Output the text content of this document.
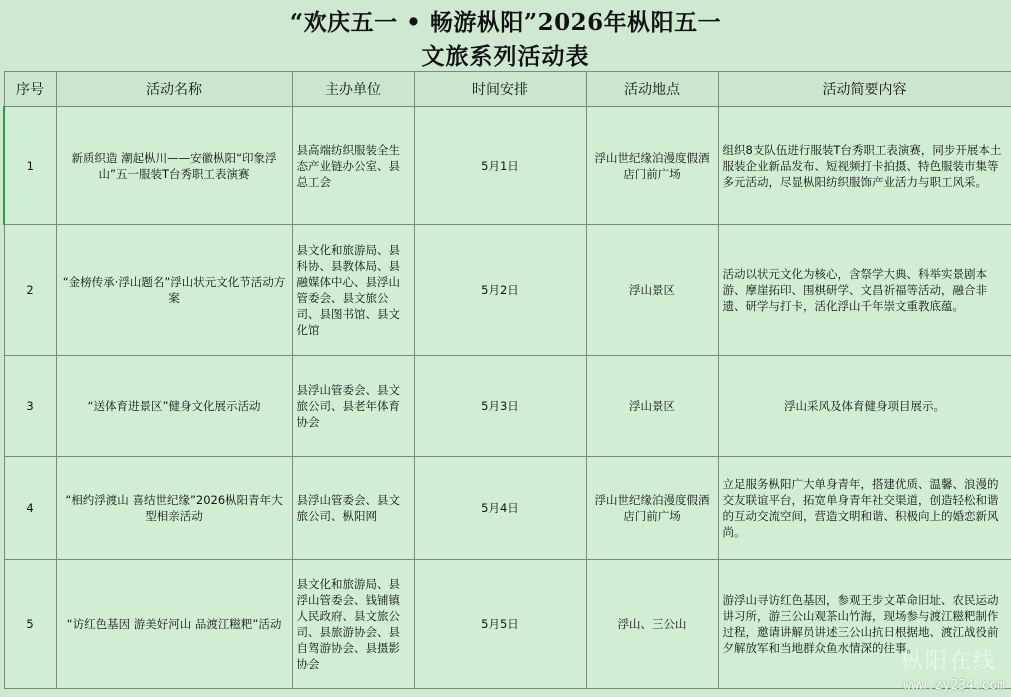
“欢庆五一 • 畅游枞阳”2026年枞阳五一
文旅系列活动表
序号	活动名称	主办单位	时间安排	活动地点	活动简要内容
1	新质织造 潮起枞川——安徽枞阳“印象浮山”五一服装T台秀职工表演赛	县高端纺织服装全生态产业链办公室、县总工会	5月1日	浮山世纪缘泊漫度假酒店门前广场	组织8支队伍进行服装T台秀职工表演赛，同步开展本土服装企业新品发布、短视频打卡拍摄、特色服装市集等多元活动，尽显枞阳纺织服饰产业活力与职工风采。
2	“金榜传承·浮山题名”浮山状元文化节活动方案	县文化和旅游局、县科协、县教体局、县融媒体中心、县浮山管委会、县文旅公司、县图书馆、县文化馆	5月2日	浮山景区	活动以状元文化为核心，含祭学大典、科举实景剧本游、摩崖拓印、围棋研学、文昌祈福等活动，融合非遗、研学与打卡，活化浮山千年崇文重教底蕴。
3	“送体育进景区”健身文化展示活动	县浮山管委会、县文旅公司、县老年体育协会	5月3日	浮山景区	浮山采风及体育健身项目展示。
4	“相约浮渡山 喜结世纪缘”2026枞阳青年大型相亲活动	县浮山管委会、县文旅公司、枞阳网	5月4日	浮山世纪缘泊漫度假酒店门前广场	立足服务枞阳广大单身青年，搭建优质、温馨、浪漫的交友联谊平台，拓宽单身青年社交渠道，创造轻松和谐的互动交流空间，营造文明和谐、积极向上的婚恋新风尚。
5	“访红色基因 游美好河山 品渡江糍粑”活动	县文化和旅游局、县浮山管委会、钱铺镇人民政府、县文旅公司、县旅游协会、县自驾游协会、县摄影协会	5月5日	浮山、三公山	游浮山寻访红色基因，参观王步文革命旧址、农民运动讲习所，游三公山观茶山竹海，现场参与渡江糍粑制作过程，邀请讲解员讲述三公山抗日根据地、渡江战役前夕解放军和当地群众鱼水情深的往事。
枞阳在线
www.zy234.com
